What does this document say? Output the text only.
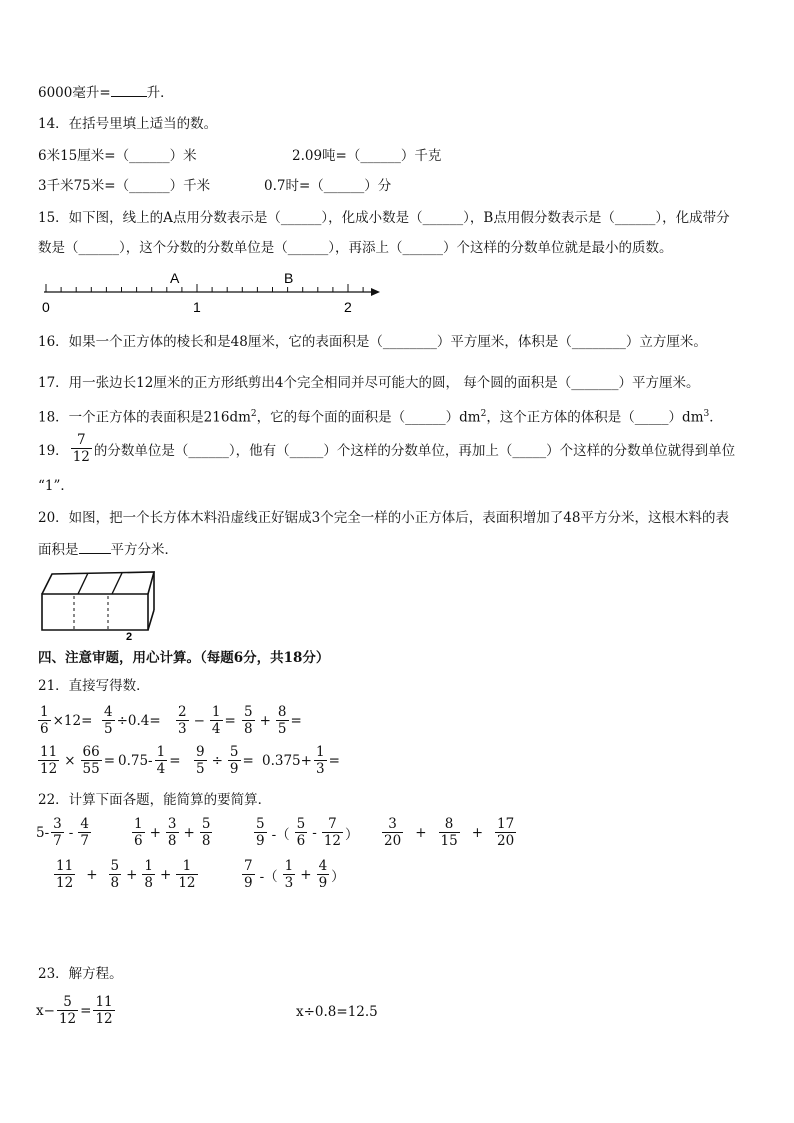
6000毫升=	升．
14．在括号里填上适当的数。
6米15厘米=（______）米	2.09吨=（______）千克
3千米75米=（______）千米	0.7时=（______）分
15．如下图，线上的A点用分数表示是（______），化成小数是（______），B点用假分数表示是（______），化成带分
数是（______），这个分数的分数单位是（______），再添上（______）个这样的分数单位就是最小的质数。
0	1	2
A	B
16．如果一个正方体的棱长和是48厘米，它的表面积是（________）平方厘米，体积是（________）立方厘米。
17．用一张边长12厘米的正方形纸剪出4个完全相同并尽可能大的圆， 每个圆的面积是（_______）平方厘米。
18．一个正方体的表面积是$216dm^2$，它的每个面的面积是$(\_\_\_\_\_\_)dm^2$，这个正方体的体积是$(\_\_\_\_\_)dm^3$．
19． $\frac{7}{12}$ 的分数单位是（______），他有（_____）个这样的分数单位，再加上（_____）个这样的分数单位就得到单位
“1”．
20．如图，把一个长方体木料沿虚线正好锯成3个完全一样的小正方体后，表面积增加了48平方分米，这根木料的表
面积是 平方分米．
2
四、注意审题，用心计算。（每题6分，共18分）
21．直接写得数．
$\frac{1}{6} \times 12= \frac{4}{5} \div 0.4= \frac{2}{3} - \frac{1}{4} = \frac{5}{8} + \frac{8}{5}$ =
$\frac{11}{12} \times \frac{66}{55} = 0.75- \frac{1}{4} = \frac{9}{5} \div \frac{5}{9} = 0.375+ \frac{1}{3}$ =
22．计算下面各题，能简算的要简算．
$5- \frac{3}{7} - \frac{4}{7}$	$\frac{1}{6} + \frac{3}{8} + \frac{5}{8}$	$\frac{5}{9}$ -（ $\frac{5}{6} - \frac{7}{12}$ ） $\frac{3}{20} + \frac{8}{15} + \frac{17}{20}$
$\frac{11}{12} + \frac{5}{8} + \frac{1}{8} + \frac{1}{12}$	$\frac{7}{9}$ -（ $\frac{1}{3} + \frac{4}{9}$ ）
23．解方程。
$x- \frac{5}{12} = \frac{11}{12}$	x÷0.8=12.5
